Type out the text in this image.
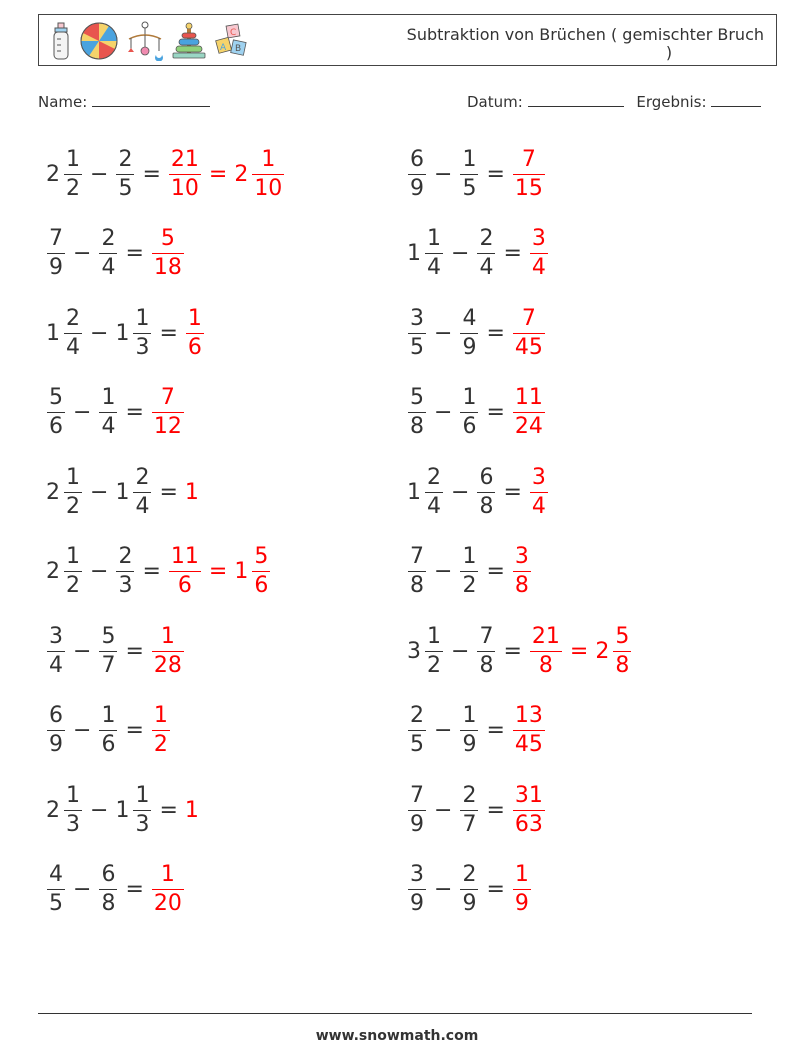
C
A B
Subtraktion von Brüchen ( gemischter Bruch
)
Name:	Datum:	Ergebnis:
$2 \frac{1}{2} - \frac{2}{5} = \frac{21}{10} = 2 \frac{1}{10}$	$\frac{6}{9} - \frac{1}{5} = \frac{7}{15}$
$\frac{7}{9} - \frac{2}{4} = \frac{5}{18}$	$1 \frac{1}{4} - \frac{2}{4} = \frac{3}{4}$
$1 \frac{2}{4} - 1 \frac{1}{3} = \frac{1}{6}$	$\frac{3}{5} - \frac{4}{9} = \frac{7}{45}$
$\frac{5}{6} - \frac{1}{4} = \frac{7}{12}$	$\frac{5}{8} - \frac{1}{6} = \frac{11}{24}$
$2 \frac{1}{2} - 1 \frac{2}{4} = 1$	$1 \frac{2}{4} - \frac{6}{8} = \frac{3}{4}$
$2 \frac{1}{2} - \frac{2}{3} = \frac{11}{6} = 1 \frac{5}{6}$	$\frac{7}{8} - \frac{1}{2} = \frac{3}{8}$
$\frac{3}{4} - \frac{5}{7} = \frac{1}{28}$	$3 \frac{1}{2} - \frac{7}{8} = \frac{21}{8} = 2 \frac{5}{8}$
$\frac{6}{9} - \frac{1}{6} = \frac{1}{2}$	$\frac{2}{5} - \frac{1}{9} = \frac{13}{45}$
$2 \frac{1}{3} - 1 \frac{1}{3} = 1$	$\frac{7}{9} - \frac{2}{7} = \frac{31}{63}$
$\frac{4}{5} - \frac{6}{8} = \frac{1}{20}$	$\frac{3}{9} - \frac{2}{9} = \frac{1}{9}$
www.snowmath.com
